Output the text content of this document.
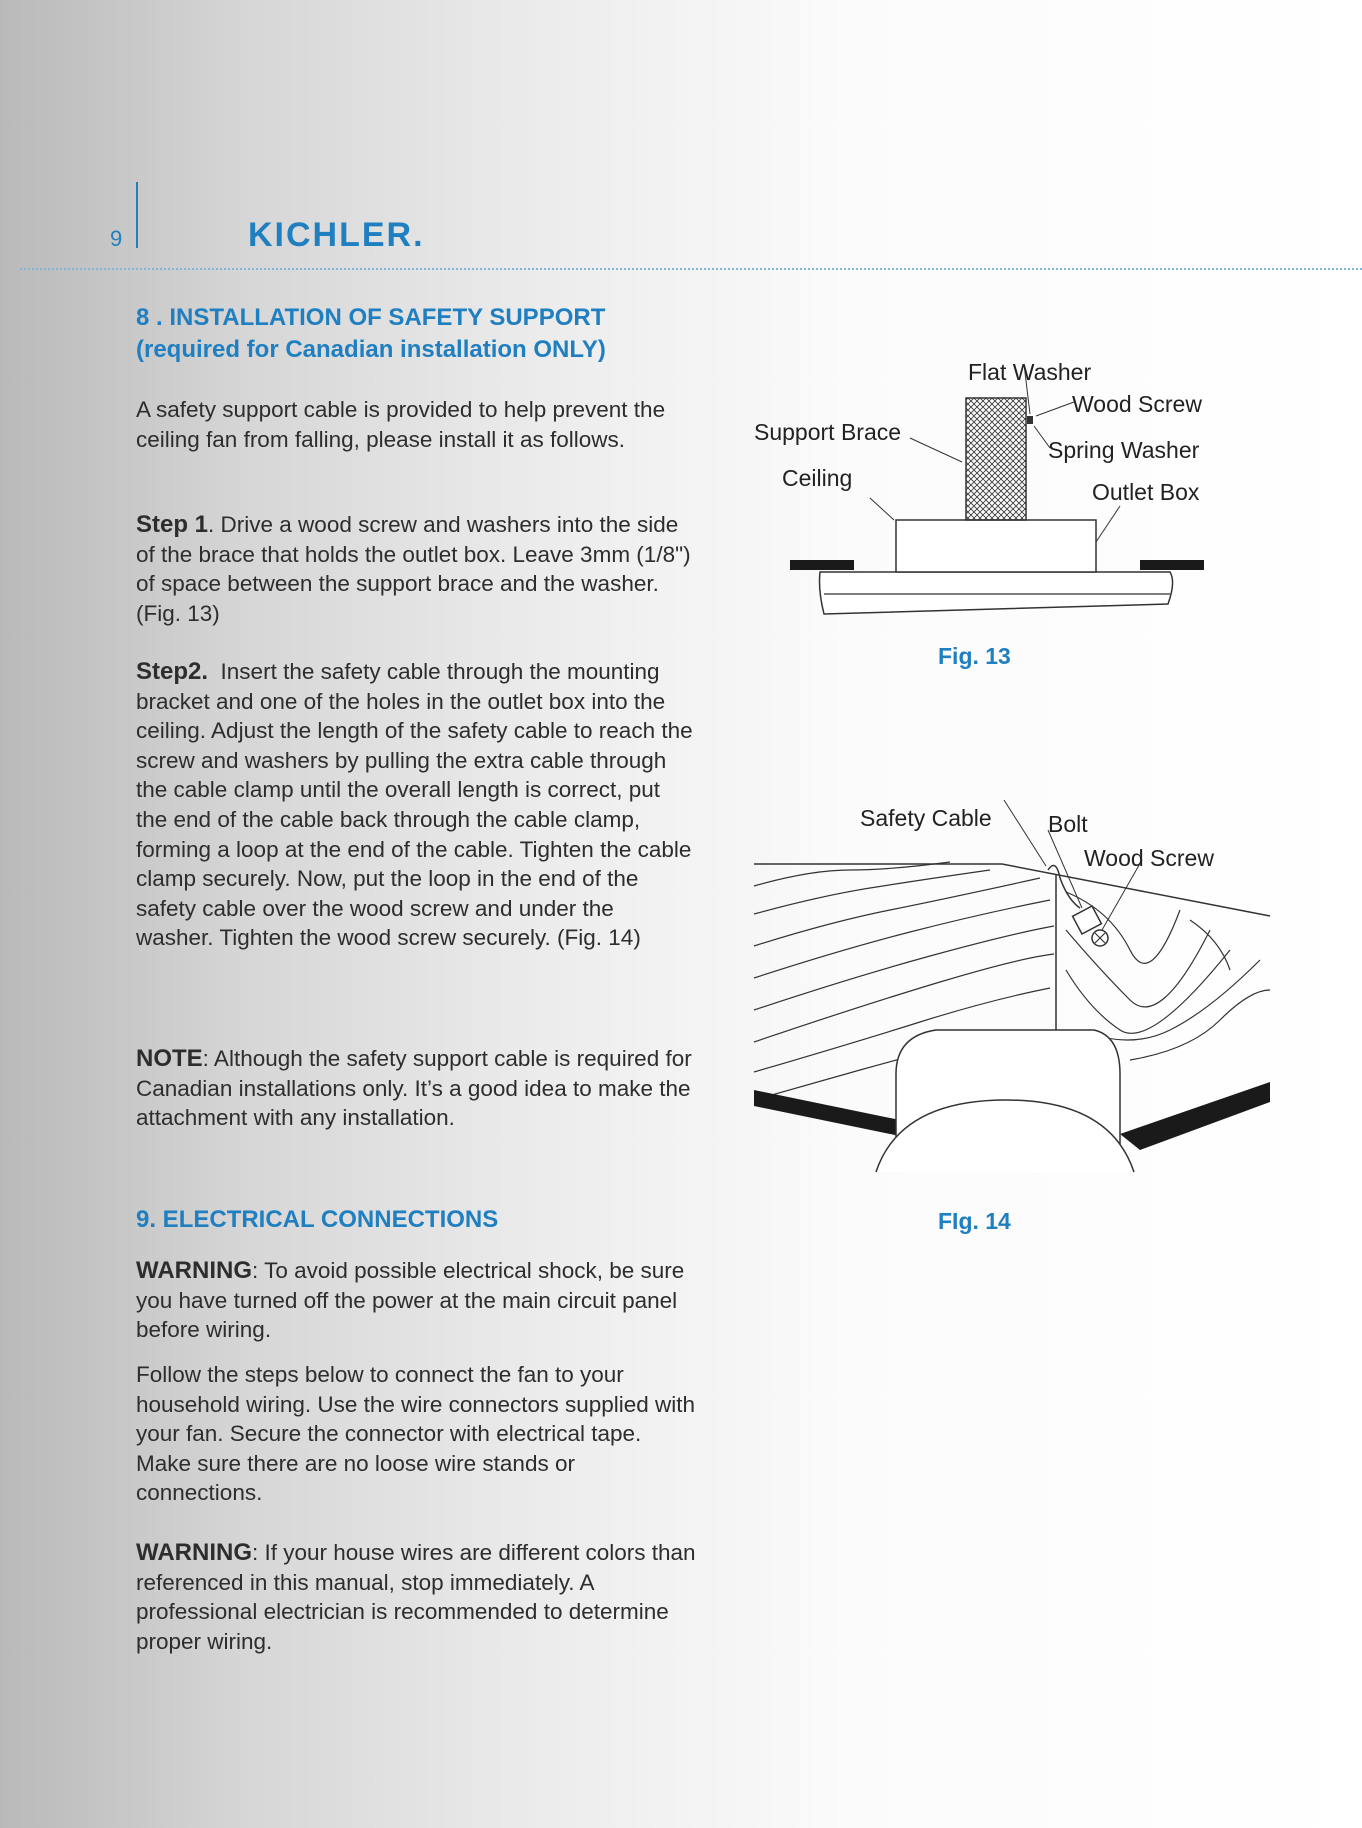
9	KICHLER.

8 . INSTALLATION OF SAFETY SUPPORT

(required for Canadian installation ONLY)

A safety support cable is provided to help prevent the ceiling fan from falling, please install it as follows.

Step 1. Drive a wood screw and washers into the side of the brace that holds the outlet box. Leave 3mm (1/8") of space between the support brace and the washer. (Fig. 13)

Step2. Insert the safety cable through the mounting bracket and one of the holes in the outlet box into the ceiling. Adjust the length of the safety cable to reach the screw and washers by pulling the extra cable through the cable clamp until the overall length is correct, put the end of the cable back through the cable clamp, forming a loop at the end of the cable. Tighten the cable clamp securely. Now, put the loop in the end of the safety cable over the wood screw and under the washer. Tighten the wood screw securely. (Fig. 14)

NOTE: Although the safety support cable is required for Canadian installations only. It’s a good idea to make the attachment with any installation.

9. ELECTRICAL CONNECTIONS

WARNING: To avoid possible electrical shock, be sure you have turned off the power at the main circuit panel before wiring.

Follow the steps below to connect the fan to your household wiring. Use the wire connectors supplied with your fan. Secure the connector with electrical tape. Make sure there are no loose wire stands or connections.

WARNING: If your house wires are different colors than referenced in this manual, stop immediately. A professional electrician is recommended to determine proper wiring.

Flat Washer
Wood Screw
Support Brace
Spring Washer
Ceiling
Outlet Box
Fig. 13
Safety Cable Bolt
Wood Screw
FIg. 14
